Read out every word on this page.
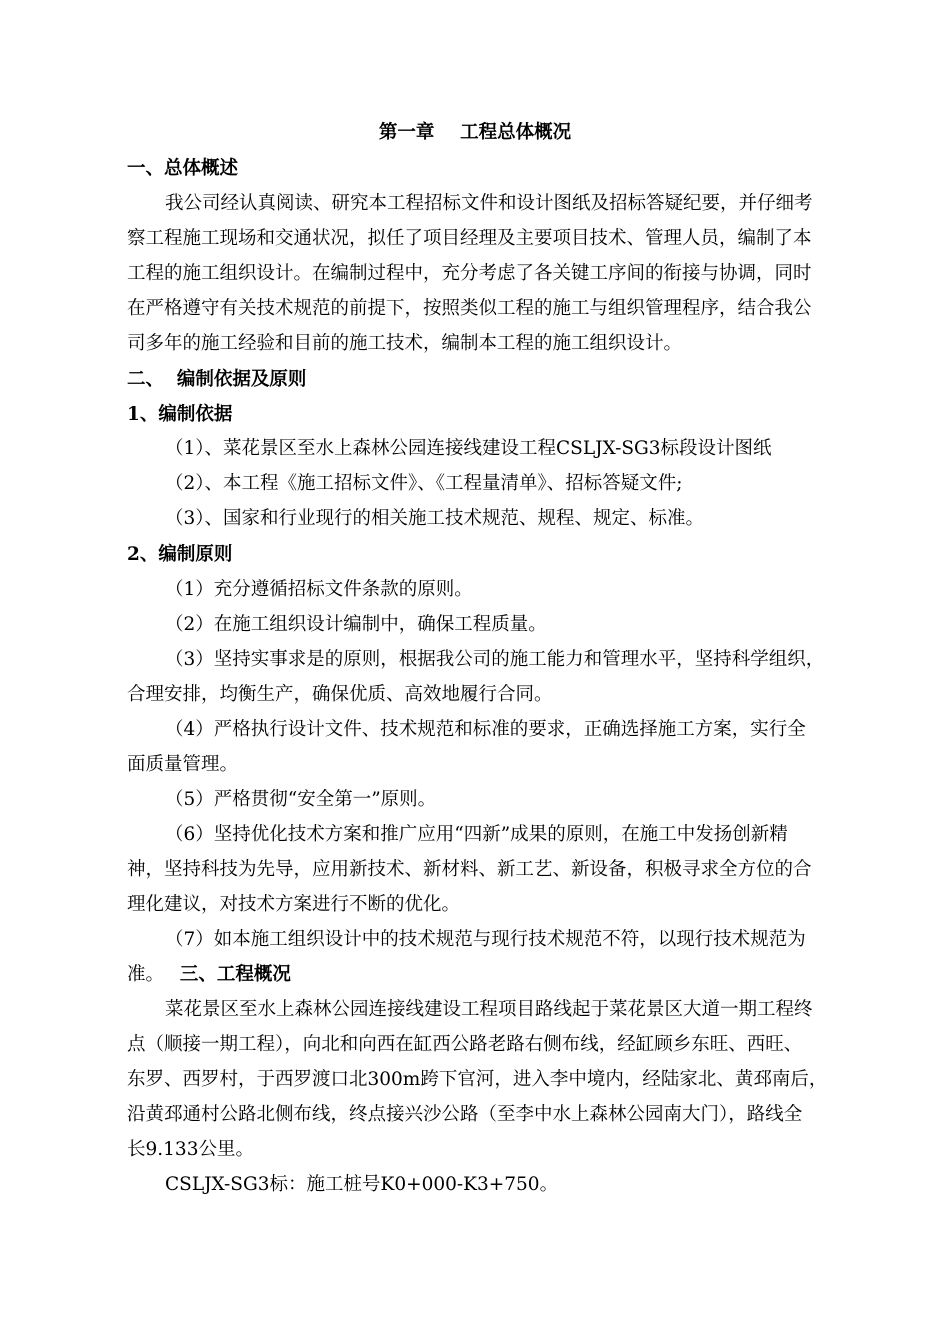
第一章    工程总体概况
一、总体概述
我公司经认真阅读、研究本工程招标文件和设计图纸及招标答疑纪要，并仔细考
察工程施工现场和交通状况，拟任了项目经理及主要项目技术、管理人员，编制了本
工程的施工组织设计。在编制过程中，充分考虑了各关键工序间的衔接与协调，同时
在严格遵守有关技术规范的前提下，按照类似工程的施工与组织管理程序，结合我公
司多年的施工经验和目前的施工技术，编制本工程的施工组织设计。
二、  编制依据及原则
1、编制依据
（1）、菜花景区至水上森林公园连接线建设工程CSLJX-SG3标段设计图纸
（2）、本工程《施工招标文件》、《工程量清单》、招标答疑文件;
（3）、国家和行业现行的相关施工技术规范、规程、规定、标准。
2、编制原则
（1）充分遵循招标文件条款的原则。
（2）在施工组织设计编制中，确保工程质量。
（3）坚持实事求是的原则，根据我公司的施工能力和管理水平，坚持科学组织，
合理安排，均衡生产，确保优质、高效地履行合同。
（4）严格执行设计文件、技术规范和标准的要求，正确选择施工方案，实行全
面质量管理。
（5）严格贯彻“安全第一”原则。
（6）坚持优化技术方案和推广应用“四新”成果的原则，在施工中发扬创新精
神，坚持科技为先导，应用新技术、新材料、新工艺、新设备，积极寻求全方位的合
理化建议，对技术方案进行不断的优化。
（7）如本施工组织设计中的技术规范与现行技术规范不符，以现行技术规范为
准。 三、工程概况
菜花景区至水上森林公园连接线建设工程项目路线起于菜花景区大道一期工程终
点（顺接一期工程），向北和向西在缸西公路老路右侧布线，经缸顾乡东旺、西旺、
东罗、西罗村，于西罗渡口北300m跨下官河，进入李中境内，经陆家北、黄邳南后，
沿黄邳通村公路北侧布线，终点接兴沙公路（至李中水上森林公园南大门），路线全
长9.133公里。
CSLJX-SG3标：施工桩号K0+000-K3+750。
